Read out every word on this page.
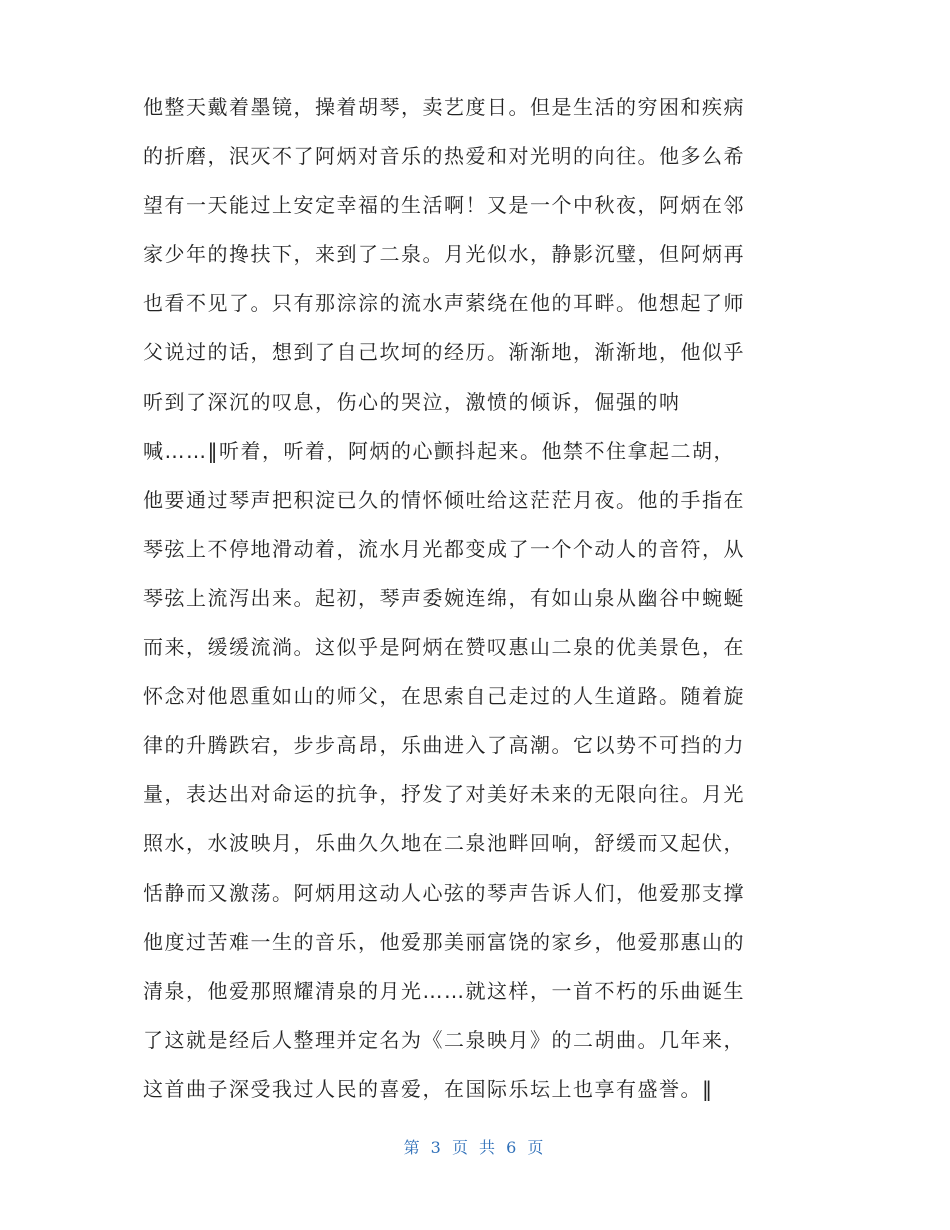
他整天戴着墨镜，操着胡琴，卖艺度日。但是生活的穷困和疾病
的折磨，泯灭不了阿炳对音乐的热爱和对光明的向往。他多么希
望有一天能过上安定幸福的生活啊！又是一个中秋夜，阿炳在邻
家少年的搀扶下，来到了二泉。月光似水，静影沉璧，但阿炳再
也看不见了。只有那淙淙的流水声萦绕在他的耳畔。他想起了师
父说过的话，想到了自己坎坷的经历。渐渐地，渐渐地，他似乎
听到了深沉的叹息，伤心的哭泣，激愤的倾诉，倔强的呐
喊……‖听着，听着，阿炳的心颤抖起来。他禁不住拿起二胡，
他要通过琴声把积淀已久的情怀倾吐给这茫茫月夜。他的手指在
琴弦上不停地滑动着，流水月光都变成了一个个动人的音符，从
琴弦上流泻出来。起初，琴声委婉连绵，有如山泉从幽谷中蜿蜒
而来，缓缓流淌。这似乎是阿炳在赞叹惠山二泉的优美景色，在
怀念对他恩重如山的师父，在思索自己走过的人生道路。随着旋
律的升腾跌宕，步步高昂，乐曲进入了高潮。它以势不可挡的力
量，表达出对命运的抗争，抒发了对美好未来的无限向往。月光
照水，水波映月，乐曲久久地在二泉池畔回响，舒缓而又起伏，
恬静而又激荡。阿炳用这动人心弦的琴声告诉人们，他爱那支撑
他度过苦难一生的音乐，他爱那美丽富饶的家乡，他爱那惠山的
清泉，他爱那照耀清泉的月光……就这样，一首不朽的乐曲诞生
了这就是经后人整理并定名为《二泉映月》的二胡曲。几年来，
这首曲子深受我过人民的喜爱，在国际乐坛上也享有盛誉。‖
第 3 页 共 6 页
